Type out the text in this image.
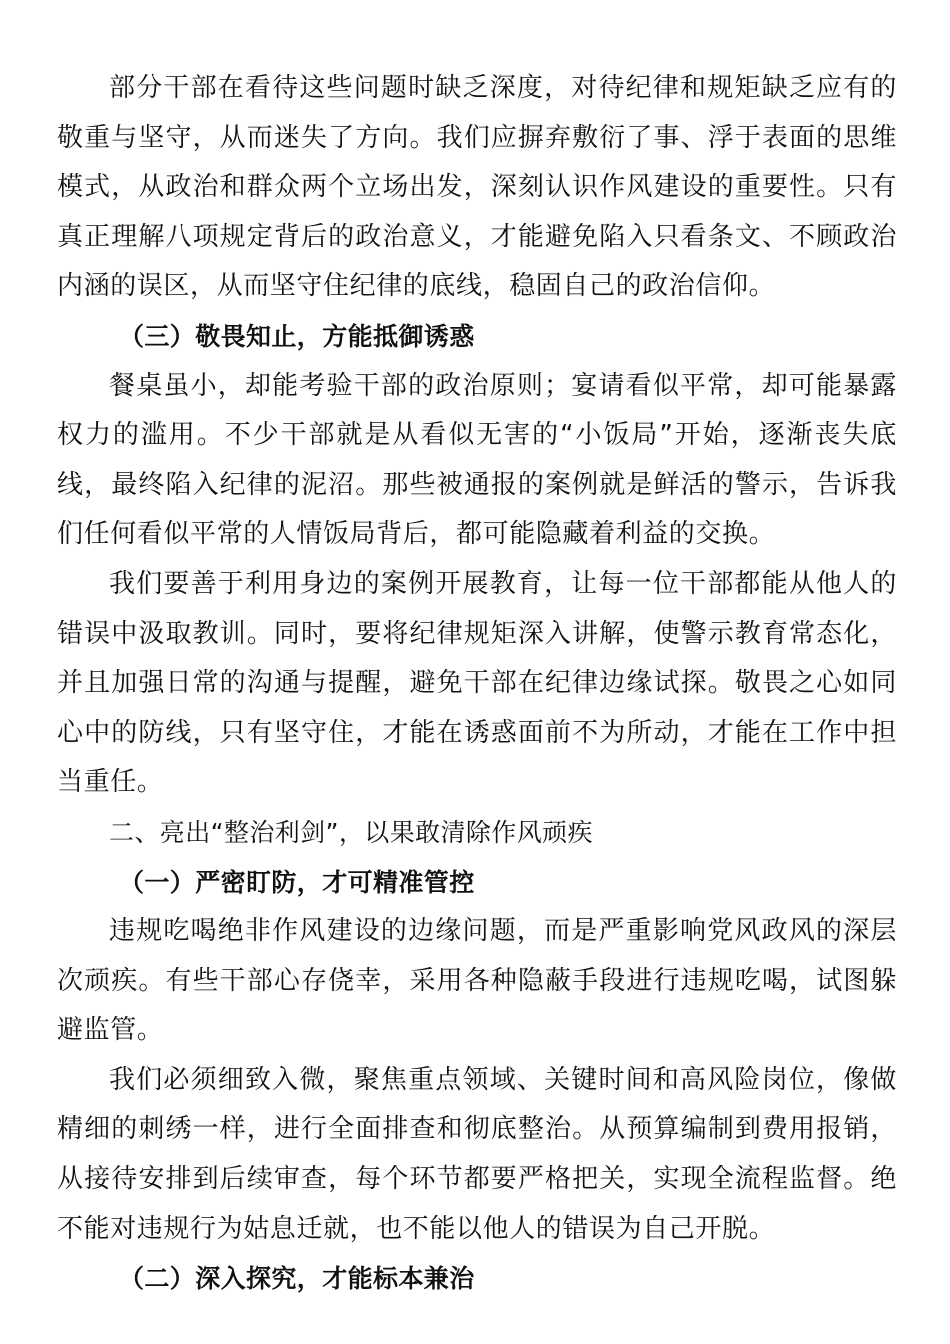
部分干部在看待这些问题时缺乏深度，对待纪律和规矩缺乏应有的敬重与坚守，从而迷失了方向。我们应摒弃敷衍了事、浮于表面的思维模式，从政治和群众两个立场出发，深刻认识作风建设的重要性。只有真正理解八项规定背后的政治意义，才能避免陷入只看条文、不顾政治内涵的误区，从而坚守住纪律的底线，稳固自己的政治信仰。

（三）敬畏知止，方能抵御诱惑

餐桌虽小，却能考验干部的政治原则；宴请看似平常，却可能暴露权力的滥用。不少干部就是从看似无害的“小饭局”开始，逐渐丧失底线，最终陷入纪律的泥沼。那些被通报的案例就是鲜活的警示，告诉我们任何看似平常的人情饭局背后，都可能隐藏着利益的交换。

我们要善于利用身边的案例开展教育，让每一位干部都能从他人的错误中汲取教训。同时，要将纪律规矩深入讲解，使警示教育常态化，并且加强日常的沟通与提醒，避免干部在纪律边缘试探。敬畏之心如同心中的防线，只有坚守住，才能在诱惑面前不为所动，才能在工作中担当重任。

二、亮出“整治利剑”，以果敢清除作风顽疾

（一）严密盯防，才可精准管控

违规吃喝绝非作风建设的边缘问题，而是严重影响党风政风的深层次顽疾。有些干部心存侥幸，采用各种隐蔽手段进行违规吃喝，试图躲避监管。

我们必须细致入微，聚焦重点领域、关键时间和高风险岗位，像做精细的刺绣一样，进行全面排查和彻底整治。从预算编制到费用报销，从接待安排到后续审查，每个环节都要严格把关，实现全流程监督。绝不能对违规行为姑息迁就，也不能以他人的错误为自己开脱。

（二）深入探究，才能标本兼治
